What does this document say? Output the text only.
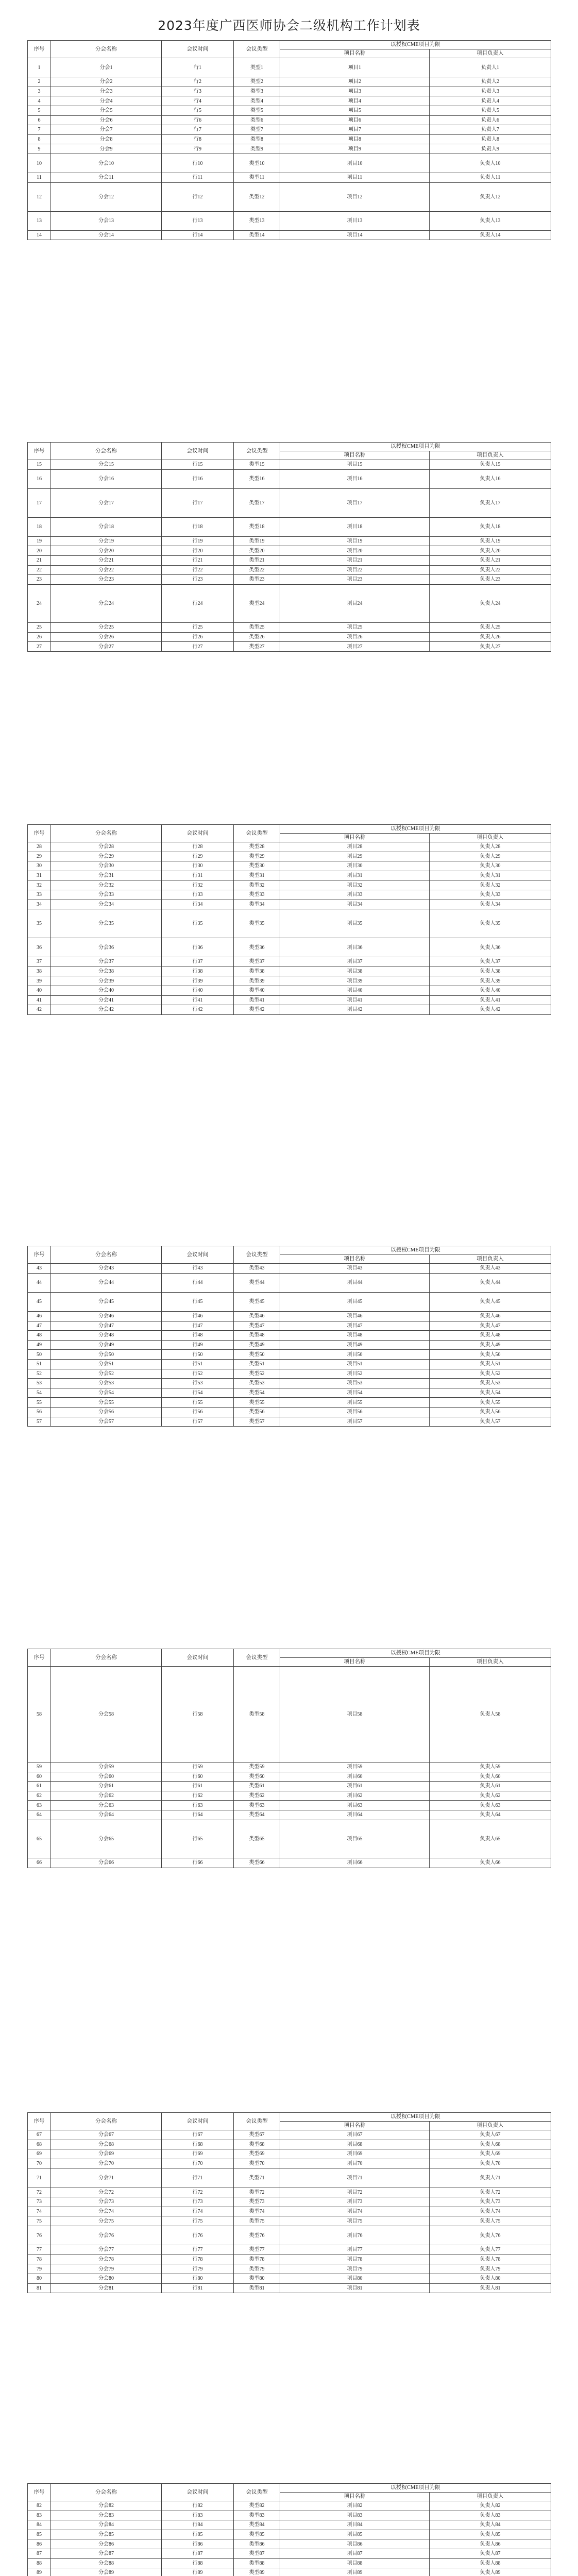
2023年度广西医师协会二级机构工作计划表
序号	分会名称	会议时间	会议类型	以授权CME项目为限	
				项目名称	项目负责人
1	分会1	行1	类型1	项目1	负责人1
2	分会2	行2	类型2	项目2	负责人2
3	分会3	行3	类型3	项目3	负责人3
4	分会4	行4	类型4	项目4	负责人4
5	分会5	行5	类型5	项目5	负责人5
6	分会6	行6	类型6	项目6	负责人6
7	分会7	行7	类型7	项目7	负责人7
8	分会8	行8	类型8	项目8	负责人8
9	分会9	行9	类型9	项目9	负责人9
10	分会10	行10	类型10	项目10	负责人10
11	分会11	行11	类型11	项目11	负责人11
12	分会12	行12	类型12	项目12	负责人12
13	分会13	行13	类型13	项目13	负责人13
14	分会14	行14	类型14	项目14	负责人14
序号	分会名称	会议时间	会议类型	以授权CME项目为限	
				项目名称	项目负责人
15	分会15	行15	类型15	项目15	负责人15
16	分会16	行16	类型16	项目16	负责人16
17	分会17	行17	类型17	项目17	负责人17
18	分会18	行18	类型18	项目18	负责人18
19	分会19	行19	类型19	项目19	负责人19
20	分会20	行20	类型20	项目20	负责人20
21	分会21	行21	类型21	项目21	负责人21
22	分会22	行22	类型22	项目22	负责人22
23	分会23	行23	类型23	项目23	负责人23
24	分会24	行24	类型24	项目24	负责人24
25	分会25	行25	类型25	项目25	负责人25
26	分会26	行26	类型26	项目26	负责人26
27	分会27	行27	类型27	项目27	负责人27
序号	分会名称	会议时间	会议类型	以授权CME项目为限	
				项目名称	项目负责人
28	分会28	行28	类型28	项目28	负责人28
29	分会29	行29	类型29	项目29	负责人29
30	分会30	行30	类型30	项目30	负责人30
31	分会31	行31	类型31	项目31	负责人31
32	分会32	行32	类型32	项目32	负责人32
33	分会33	行33	类型33	项目33	负责人33
34	分会34	行34	类型34	项目34	负责人34
35	分会35	行35	类型35	项目35	负责人35
36	分会36	行36	类型36	项目36	负责人36
37	分会37	行37	类型37	项目37	负责人37
38	分会38	行38	类型38	项目38	负责人38
39	分会39	行39	类型39	项目39	负责人39
40	分会40	行40	类型40	项目40	负责人40
41	分会41	行41	类型41	项目41	负责人41
42	分会42	行42	类型42	项目42	负责人42
序号	分会名称	会议时间	会议类型	以授权CME项目为限	
				项目名称	项目负责人
43	分会43	行43	类型43	项目43	负责人43
44	分会44	行44	类型44	项目44	负责人44
45	分会45	行45	类型45	项目45	负责人45
46	分会46	行46	类型46	项目46	负责人46
47	分会47	行47	类型47	项目47	负责人47
48	分会48	行48	类型48	项目48	负责人48
49	分会49	行49	类型49	项目49	负责人49
50	分会50	行50	类型50	项目50	负责人50
51	分会51	行51	类型51	项目51	负责人51
52	分会52	行52	类型52	项目52	负责人52
53	分会53	行53	类型53	项目53	负责人53
54	分会54	行54	类型54	项目54	负责人54
55	分会55	行55	类型55	项目55	负责人55
56	分会56	行56	类型56	项目56	负责人56
57	分会57	行57	类型57	项目57	负责人57
序号	分会名称	会议时间	会议类型	以授权CME项目为限	
				项目名称	项目负责人
58	分会58	行58	类型58	项目58	负责人58
59	分会59	行59	类型59	项目59	负责人59
60	分会60	行60	类型60	项目60	负责人60
61	分会61	行61	类型61	项目61	负责人61
62	分会62	行62	类型62	项目62	负责人62
63	分会63	行63	类型63	项目63	负责人63
64	分会64	行64	类型64	项目64	负责人64
65	分会65	行65	类型65	项目65	负责人65
66	分会66	行66	类型66	项目66	负责人66
序号	分会名称	会议时间	会议类型	以授权CME项目为限	
				项目名称	项目负责人
67	分会67	行67	类型67	项目67	负责人67
68	分会68	行68	类型68	项目68	负责人68
69	分会69	行69	类型69	项目69	负责人69
70	分会70	行70	类型70	项目70	负责人70
71	分会71	行71	类型71	项目71	负责人71
72	分会72	行72	类型72	项目72	负责人72
73	分会73	行73	类型73	项目73	负责人73
74	分会74	行74	类型74	项目74	负责人74
75	分会75	行75	类型75	项目75	负责人75
76	分会76	行76	类型76	项目76	负责人76
77	分会77	行77	类型77	项目77	负责人77
78	分会78	行78	类型78	项目78	负责人78
79	分会79	行79	类型79	项目79	负责人79
80	分会80	行80	类型80	项目80	负责人80
81	分会81	行81	类型81	项目81	负责人81
序号	分会名称	会议时间	会议类型	以授权CME项目为限	
				项目名称	项目负责人
82	分会82	行82	类型82	项目82	负责人82
83	分会83	行83	类型83	项目83	负责人83
84	分会84	行84	类型84	项目84	负责人84
85	分会85	行85	类型85	项目85	负责人85
86	分会86	行86	类型86	项目86	负责人86
87	分会87	行87	类型87	项目87	负责人87
88	分会88	行88	类型88	项目88	负责人88
89	分会89	行89	类型89	项目89	负责人89
